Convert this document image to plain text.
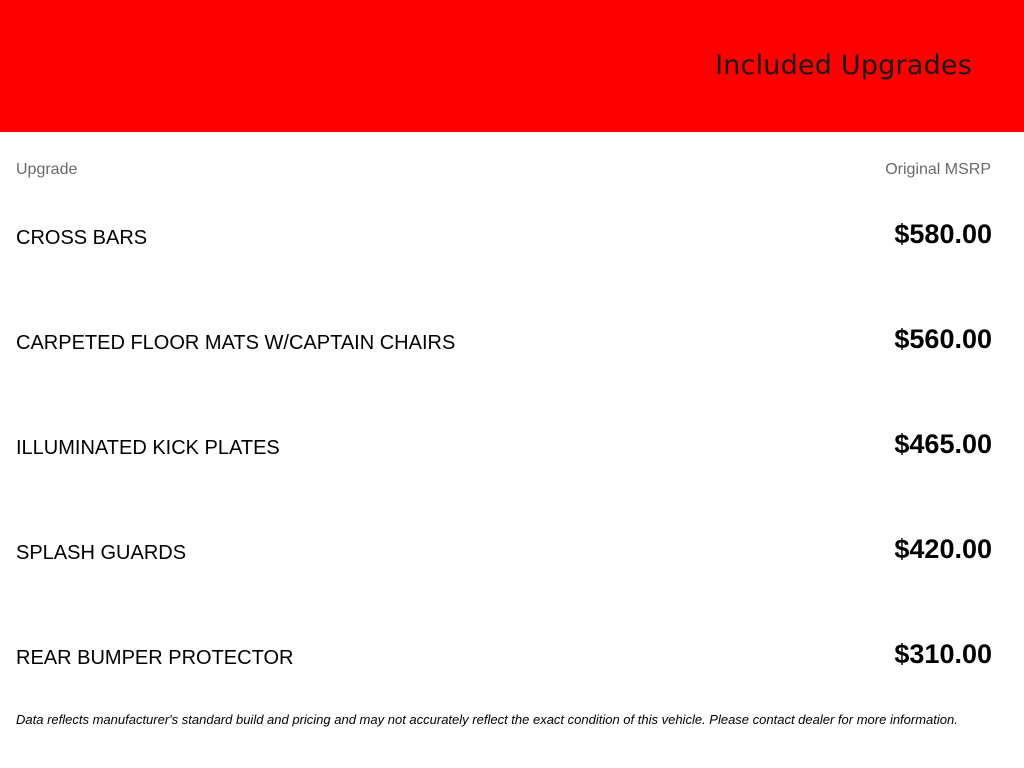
Included Upgrades
Upgrade	Original MSRP
CROSS BARS	$580.00
CARPETED FLOOR MATS W/CAPTAIN CHAIRS	$560.00
ILLUMINATED KICK PLATES	$465.00
SPLASH GUARDS	$420.00
REAR BUMPER PROTECTOR	$310.00
Data reflects manufacturer's standard build and pricing and may not accurately reflect the exact condition of this vehicle. Please contact dealer for more information.
